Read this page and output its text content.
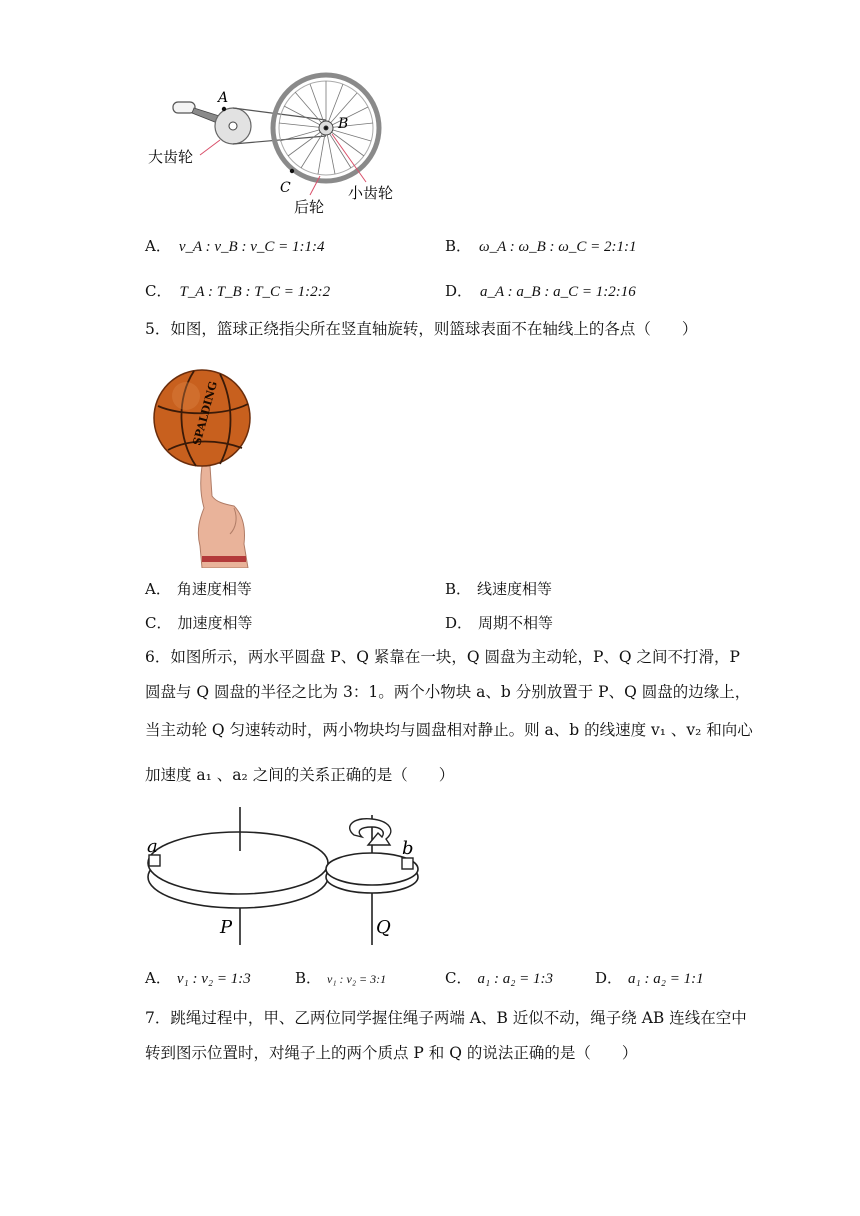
A
B
C
大齿轮
小齿轮
后轮
A． v_A : v_B : v_C = 1:1:4	B． ω_A : ω_B : ω_C = 2:1:1
C． T_A : T_B : T_C = 1:2:2	D． a_A : a_B : a_C = 1:2:16
5．如图，篮球正绕指尖所在竖直轴旋转，则篮球表面不在轴线上的各点（　　）
SPALDING
A． 角速度相等	B． 线速度相等
C． 加速度相等	D． 周期不相等
6．如图所示，两水平圆盘 P、Q 紧靠在一块，Q 圆盘为主动轮，P、Q 之间不打滑，P
圆盘与 Q 圆盘的半径之比为 3：1。两个小物块 a、b 分别放置于 P、Q 圆盘的边缘上，
当主动轮 Q 匀速转动时，两小物块均与圆盘相对静止。则 a、b 的线速度 v₁ 、v₂ 和向心
加速度 a₁ 、a₂ 之间的关系正确的是（　　）
a	b
P	Q
A． v₁ : v₂ = 1:3	B． v₁ : v₂ = 3:1	C． a₁ : a₂ = 1:3	D． a₁ : a₂ = 1:1
7．跳绳过程中，甲、乙两位同学握住绳子两端 A、B 近似不动，绳子绕 AB 连线在空中
转到图示位置时，对绳子上的两个质点 P 和 Q 的说法正确的是（　　）
